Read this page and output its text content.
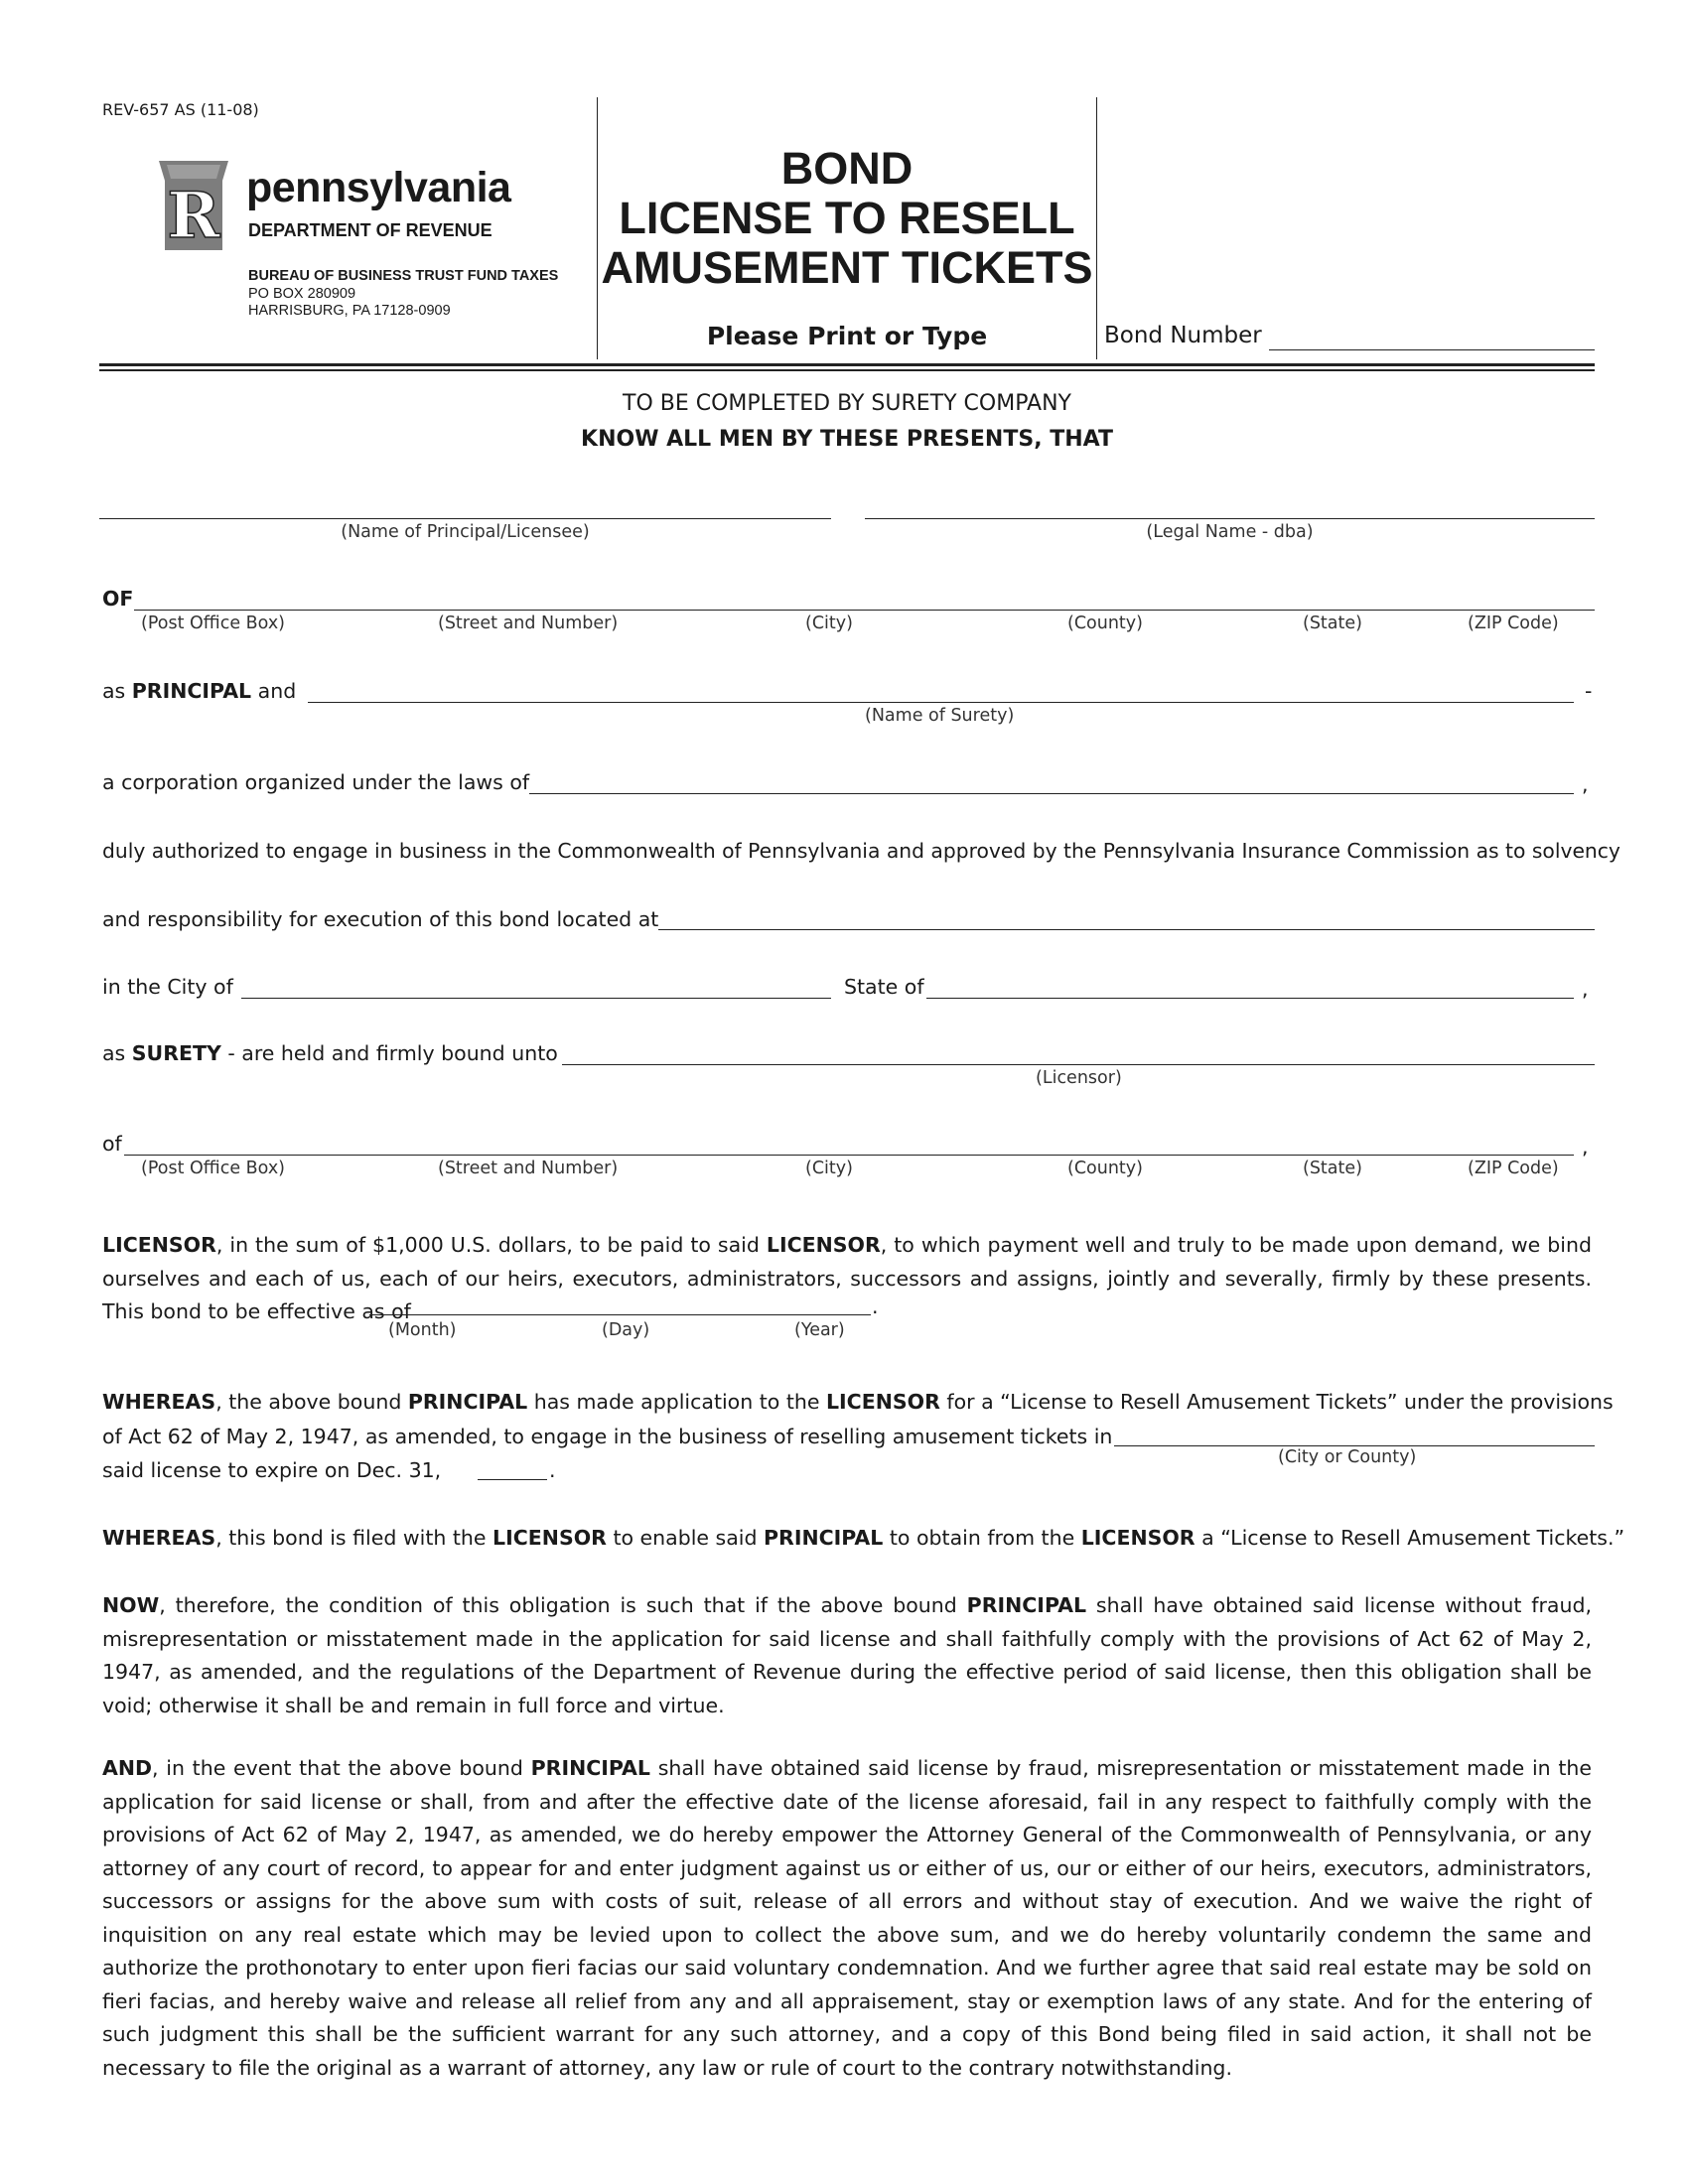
REV-657 AS (11-08)
R pennsylvania
DEPARTMENT OF REVENUE
BUREAU OF BUSINESS TRUST FUND TAXES
PO BOX 280909
HARRISBURG, PA 17128-0909
BOND
LICENSE TO RESELL
AMUSEMENT TICKETS
Please Print or Type	Bond Number
TO BE COMPLETED BY SURETY COMPANY
KNOW ALL MEN BY THESE PRESENTS, THAT
(Name of Principal/Licensee)	(Legal Name - dba)
OF
(Post Office Box)	(Street and Number)	(City)	(County)	(State)	(ZIP Code)
as PRINCIPAL and	-
(Name of Surety)
a corporation organized under the laws of	,
duly authorized to engage in business in the Commonwealth of Pennsylvania and approved by the Pennsylvania Insurance Commission as to solvency
and responsibility for execution of this bond located at
in the City of	State of	,
as SURETY - are held and firmly bound unto
(Licensor)
of	,
(Post Office Box)	(Street and Number)	(City)	(County)	(State)	(ZIP Code)
LICENSOR, in the sum of $1,000 U.S. dollars, to be paid to said LICENSOR, to which payment well and truly to be made upon demand, we bind ourselves and each of us, each of our heirs, executors, administrators, successors and assigns, jointly and severally, firmly by these presents. This bond to be effective as of	.
(Month)	(Day)	(Year)
WHEREAS, the above bound PRINCIPAL has made application to the LICENSOR for a “License to Resell Amusement Tickets” under the provisions
of Act 62 of May 2, 1947, as amended, to engage in the business of reselling amusement tickets in
(City or County)
said license to expire on Dec. 31,	.
WHEREAS, this bond is filed with the LICENSOR to enable said PRINCIPAL to obtain from the LICENSOR a “License to Resell Amusement Tickets.”
NOW, therefore, the condition of this obligation is such that if the above bound PRINCIPAL shall have obtained said license without fraud, misrepresentation or misstatement made in the application for said license and shall faithfully comply with the provisions of Act 62 of May 2, 1947, as amended, and the regulations of the Department of Revenue during the effective period of said license, then this obligation shall be void; otherwise it shall be and remain in full force and virtue.
AND, in the event that the above bound PRINCIPAL shall have obtained said license by fraud, misrepresentation or misstatement made in the application for said license or shall, from and after the effective date of the license aforesaid, fail in any respect to faithfully comply with the provisions of Act 62 of May 2, 1947, as amended, we do hereby empower the Attorney General of the Commonwealth of Pennsylvania, or any attorney of any court of record, to appear for and enter judgment against us or either of us, our or either of our heirs, executors, administrators, successors or assigns for the above sum with costs of suit, release of all errors and without stay of execution. And we waive the right of inquisition on any real estate which may be levied upon to collect the above sum, and we do hereby voluntarily condemn the same and authorize the prothonotary to enter upon fieri facias our said voluntary condemnation. And we further agree that said real estate may be sold on fieri facias, and hereby waive and release all relief from any and all appraisement, stay or exemption laws of any state. And for the entering of such judgment this shall be the sufficient warrant for any such attorney, and a copy of this Bond being filed in said action, it shall not be necessary to file the original as a warrant of attorney, any law or rule of court to the contrary notwithstanding.
